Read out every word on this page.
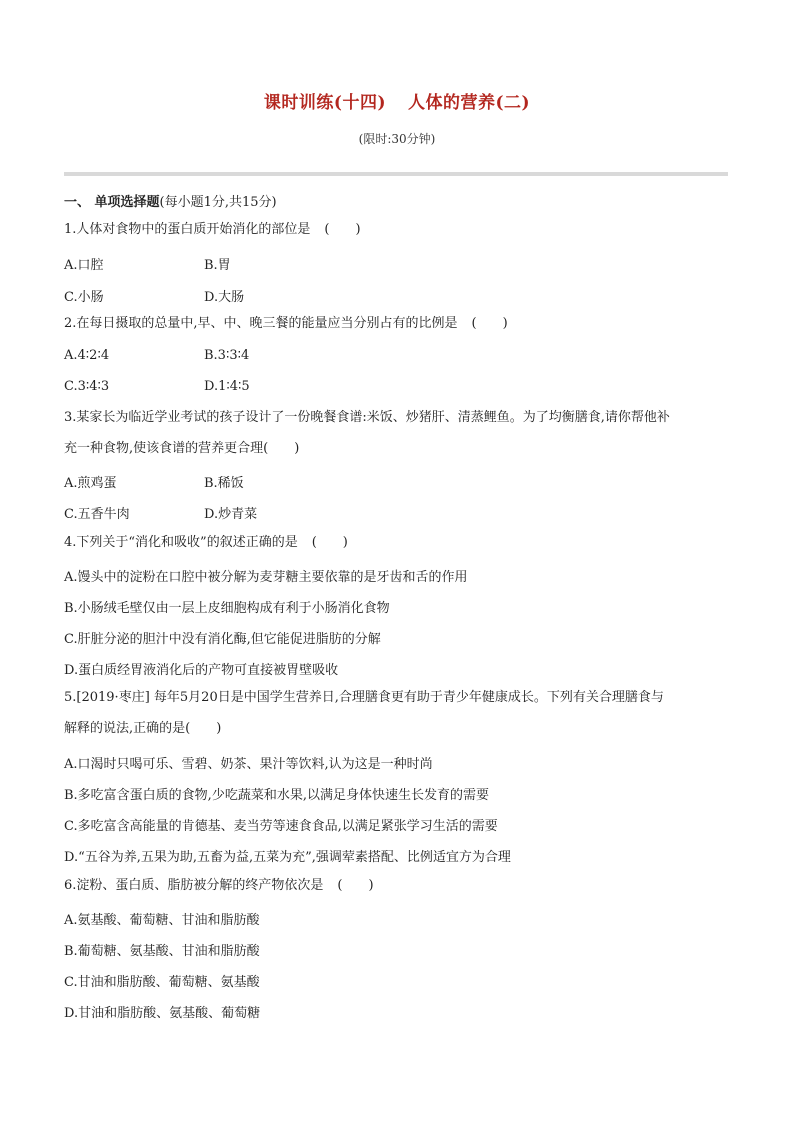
课时训练(十四) 人体的营养(二)
(限时:30分钟)
一、 单项选择题(每小题1分,共15分)
1.人体对食物中的蛋白质开始消化的部位是 (　　)
A.口腔	B.胃
C.小肠	D.大肠
2.在每日摄取的总量中,早、中、晚三餐的能量应当分别占有的比例是 (　　)
A.4∶2∶4	B.3∶3∶4
C.3∶4∶3	D.1∶4∶5
3.某家长为临近学业考试的孩子设计了一份晚餐食谱:米饭、炒猪肝、清蒸鲤鱼。为了均衡膳食,请你帮他补
充一种食物,使该食谱的营养更合理(　　)
A.煎鸡蛋	B.稀饭
C.五香牛肉	D.炒青菜
4.下列关于“消化和吸收”的叙述正确的是 (　　)
A.馒头中的淀粉在口腔中被分解为麦芽糖主要依靠的是牙齿和舌的作用
B.小肠绒毛壁仅由一层上皮细胞构成有利于小肠消化食物
C.肝脏分泌的胆汁中没有消化酶,但它能促进脂肪的分解
D.蛋白质经胃液消化后的产物可直接被胃壁吸收
5.[2019·枣庄] 每年5月20日是中国学生营养日,合理膳食更有助于青少年健康成长。下列有关合理膳食与
解释的说法,正确的是(　　)
A.口渴时只喝可乐、雪碧、奶茶、果汁等饮料,认为这是一种时尚
B.多吃富含蛋白质的食物,少吃蔬菜和水果,以满足身体快速生长发育的需要
C.多吃富含高能量的肯德基、麦当劳等速食食品,以满足紧张学习生活的需要
D.“五谷为养,五果为助,五畜为益,五菜为充”,强调荤素搭配、比例适宜方为合理
6.淀粉、蛋白质、脂肪被分解的终产物依次是 (　　)
A.氨基酸、葡萄糖、甘油和脂肪酸
B.葡萄糖、氨基酸、甘油和脂肪酸
C.甘油和脂肪酸、葡萄糖、氨基酸
D.甘油和脂肪酸、氨基酸、葡萄糖
